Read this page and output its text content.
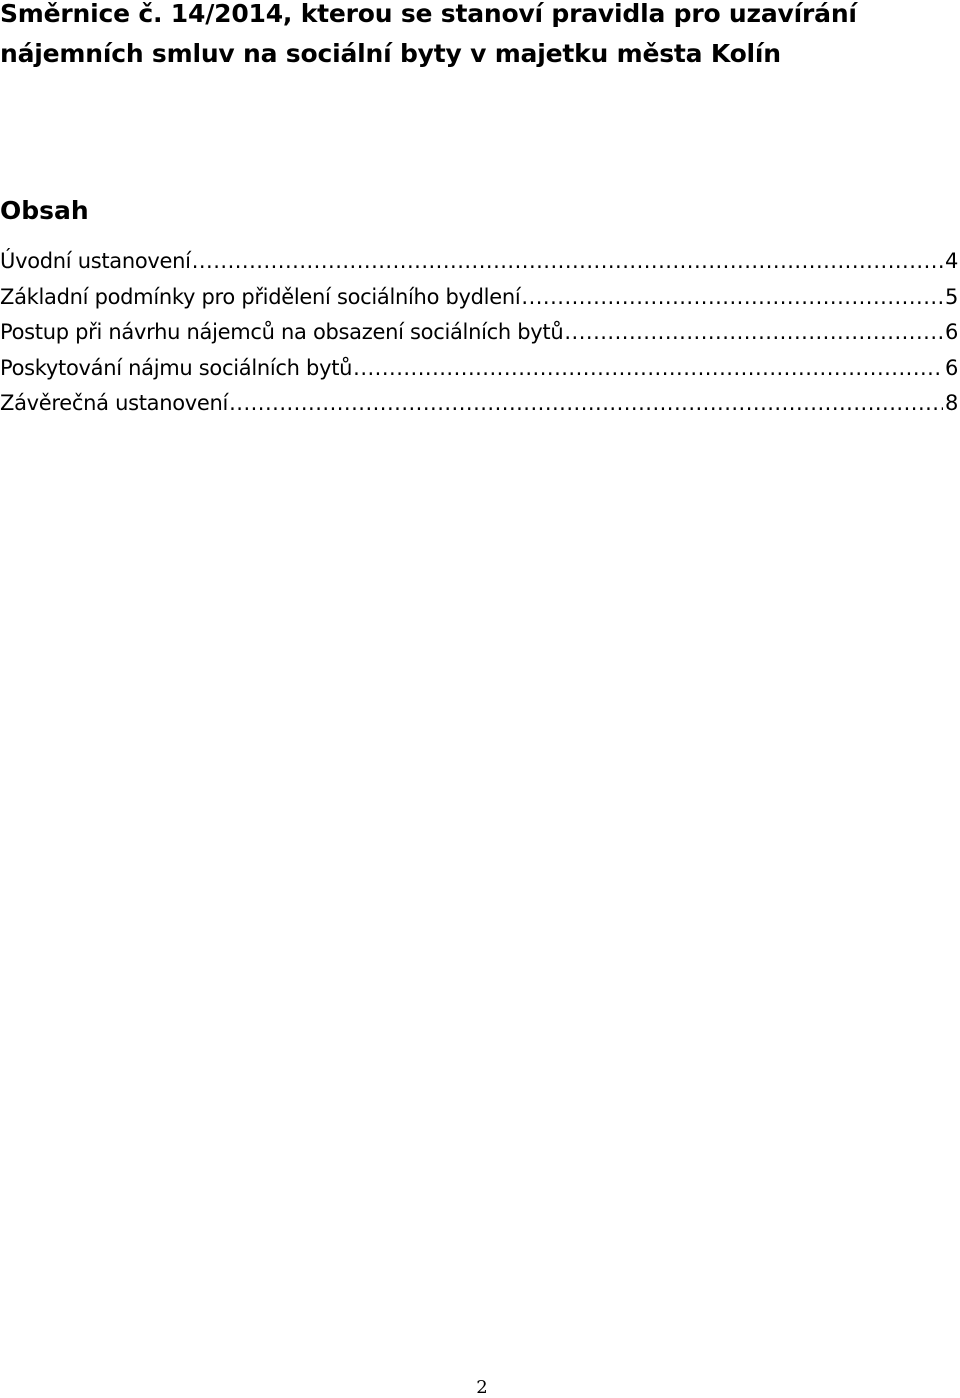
Směrnice č. 14/2014, kterou se stanoví pravidla pro uzavírání nájemních smluv na sociální byty v majetku města Kolín
Obsah
Úvodní ustanovení .....	4
Základní podmínky pro přidělení sociálního bydlení .....	5
Postup při návrhu nájemců na obsazení sociálních bytů .....	6
Poskytování nájmu sociálních bytů .....	6
Závěrečná ustanovení .....	8
2
